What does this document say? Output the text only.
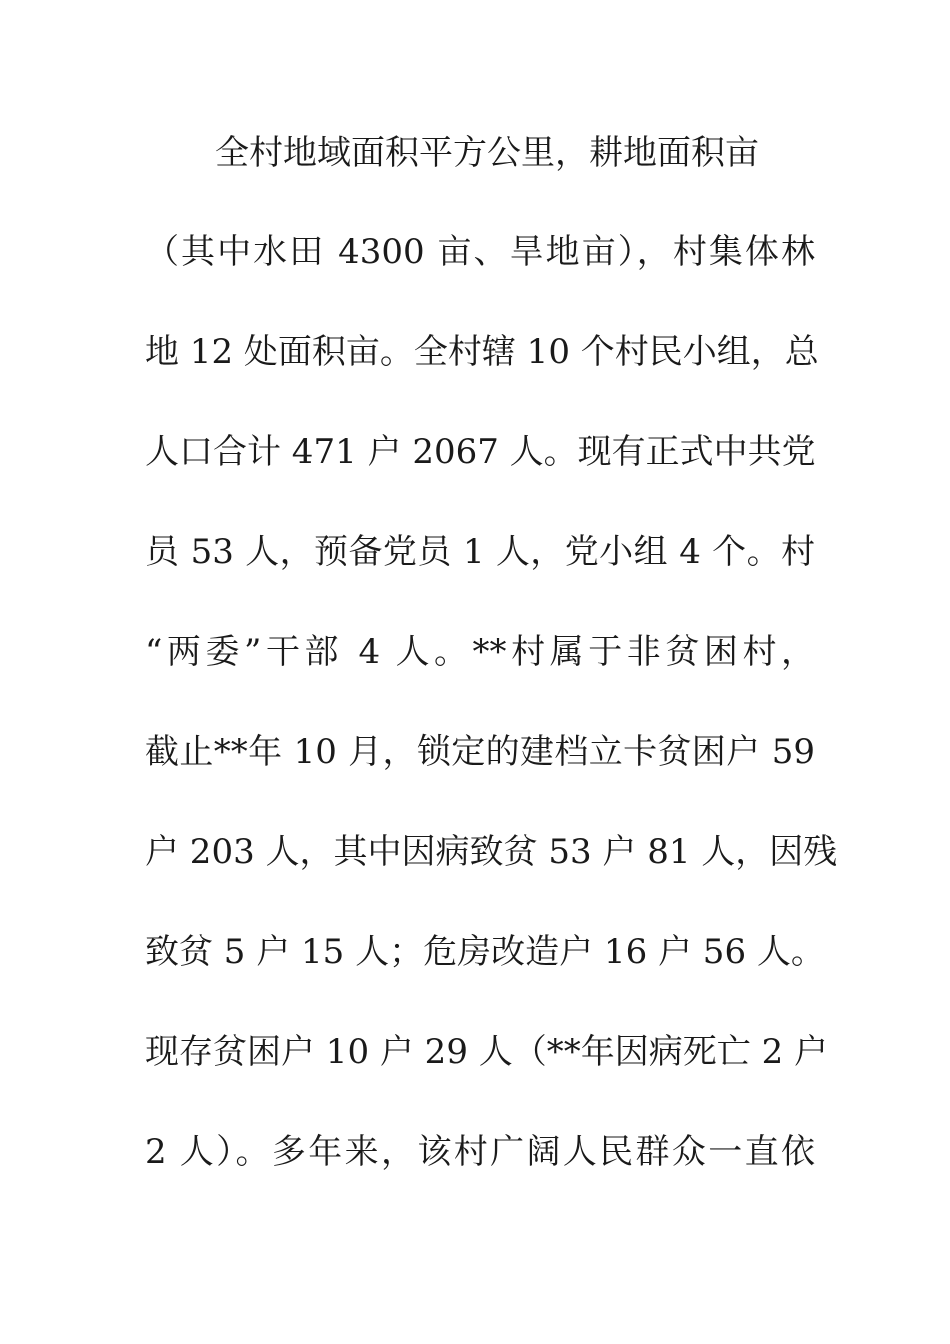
全村地域面积平方公里，耕地面积亩

（其中水田 4300 亩、旱地亩），村集体林

地 12 处面积亩。全村辖 10 个村民小组，总

人口合计 471 户 2067 人。现有正式中共党

员 53 人，预备党员 1 人，党小组 4 个。村

“两委”干部 4 人。**村属于非贫困村，

截止**年 10 月，锁定的建档立卡贫困户 59

户 203 人，其中因病致贫 53 户 81 人，因残

致贫 5 户 15 人；危房改造户 16 户 56 人。

现存贫困户 10 户 29 人（**年因病死亡 2 户

2 人）。多年来，该村广阔人民群众一直依
